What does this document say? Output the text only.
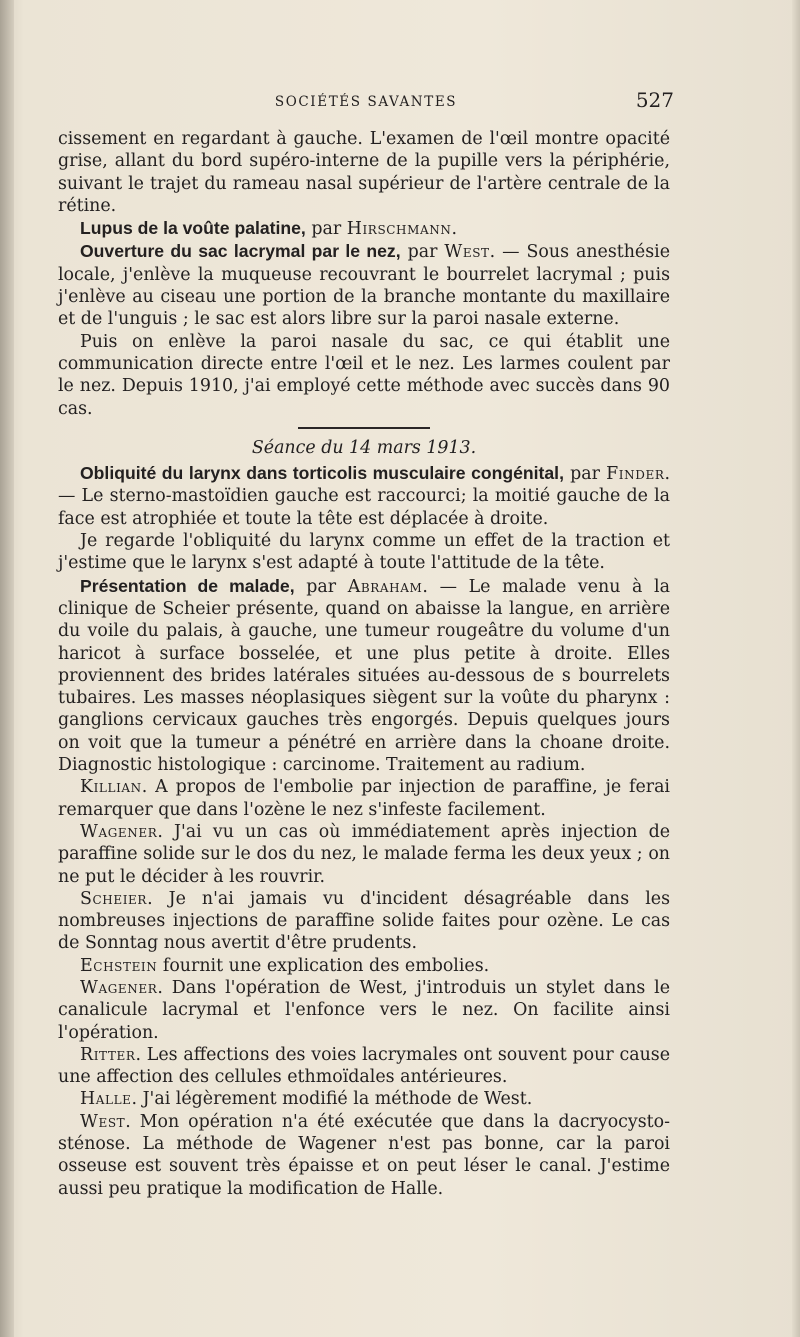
SOCIÉTÉS SAVANTES	527

cissement en regardant à gauche. L'examen de l'œil montre opacité grise, allant du bord supéro-interne de la pupille vers la périphérie, suivant le trajet du rameau nasal supérieur de l'artère centrale de la rétine.

Lupus de la voûte palatine, par Hirschmann.

Ouverture du sac lacrymal par le nez, par West. — Sous anesthésie locale, j'enlève la muqueuse recouvrant le bourrelet lacrymal ; puis j'enlève au ciseau une portion de la branche montante du maxillaire et de l'unguis ; le sac est alors libre sur la paroi nasale externe.

Puis on enlève la paroi nasale du sac, ce qui établit une communication directe entre l'œil et le nez. Les larmes coulent par le nez. Depuis 1910, j'ai employé cette méthode avec succès dans 90 cas.

Séance du 14 mars 1913.

Obliquité du larynx dans torticolis musculaire congénital, par Finder.— Le sterno-mastoïdien gauche est raccourci; la moitié gauche de la face est atrophiée et toute la tête est déplacée à droite.

Je regarde l'obliquité du larynx comme un effet de la traction et j'estime que le larynx s'est adapté à toute l'attitude de la tête.

Présentation de malade, par Abraham. — Le malade venu à la clinique de Scheier présente, quand on abaisse la langue, en arrière du voile du palais, à gauche, une tumeur rougeâtre du volume d'un haricot à surface bosselée, et une plus petite à droite. Elles proviennent des brides latérales situées au-dessous de s bourrelets tubaires. Les masses néoplasiques siègent sur la voûte du pharynx : ganglions cervicaux gauches très engorgés. Depuis quelques jours on voit que la tumeur a pénétré en arrière dans la choane droite. Diagnostic histologique : carcinome. Traitement au radium.

Killian. A propos de l'embolie par injection de paraffine, je ferai remarquer que dans l'ozène le nez s'infeste facilement.

Wagener. J'ai vu un cas où immédiatement après injection de paraffine solide sur le dos du nez, le malade ferma les deux yeux ; on ne put le décider à les rouvrir.

Scheier. Je n'ai jamais vu d'incident désagréable dans les nombreuses injections de paraffine solide faites pour ozène. Le cas de Sonntag nous avertit d'être prudents.

Echstein fournit une explication des embolies.

Wagener. Dans l'opération de West, j'introduis un stylet dans le canalicule lacrymal et l'enfonce vers le nez. On facilite ainsi l'opération.

Ritter. Les affections des voies lacrymales ont souvent pour cause une affection des cellules ethmoïdales antérieures.

Halle. J'ai légèrement modifié la méthode de West.

West. Mon opération n'a été exécutée que dans la dacryocysto-sténose. La méthode de Wagener n'est pas bonne, car la paroi osseuse est souvent très épaisse et on peut léser le canal. J'estime aussi peu pratique la modification de Halle.
